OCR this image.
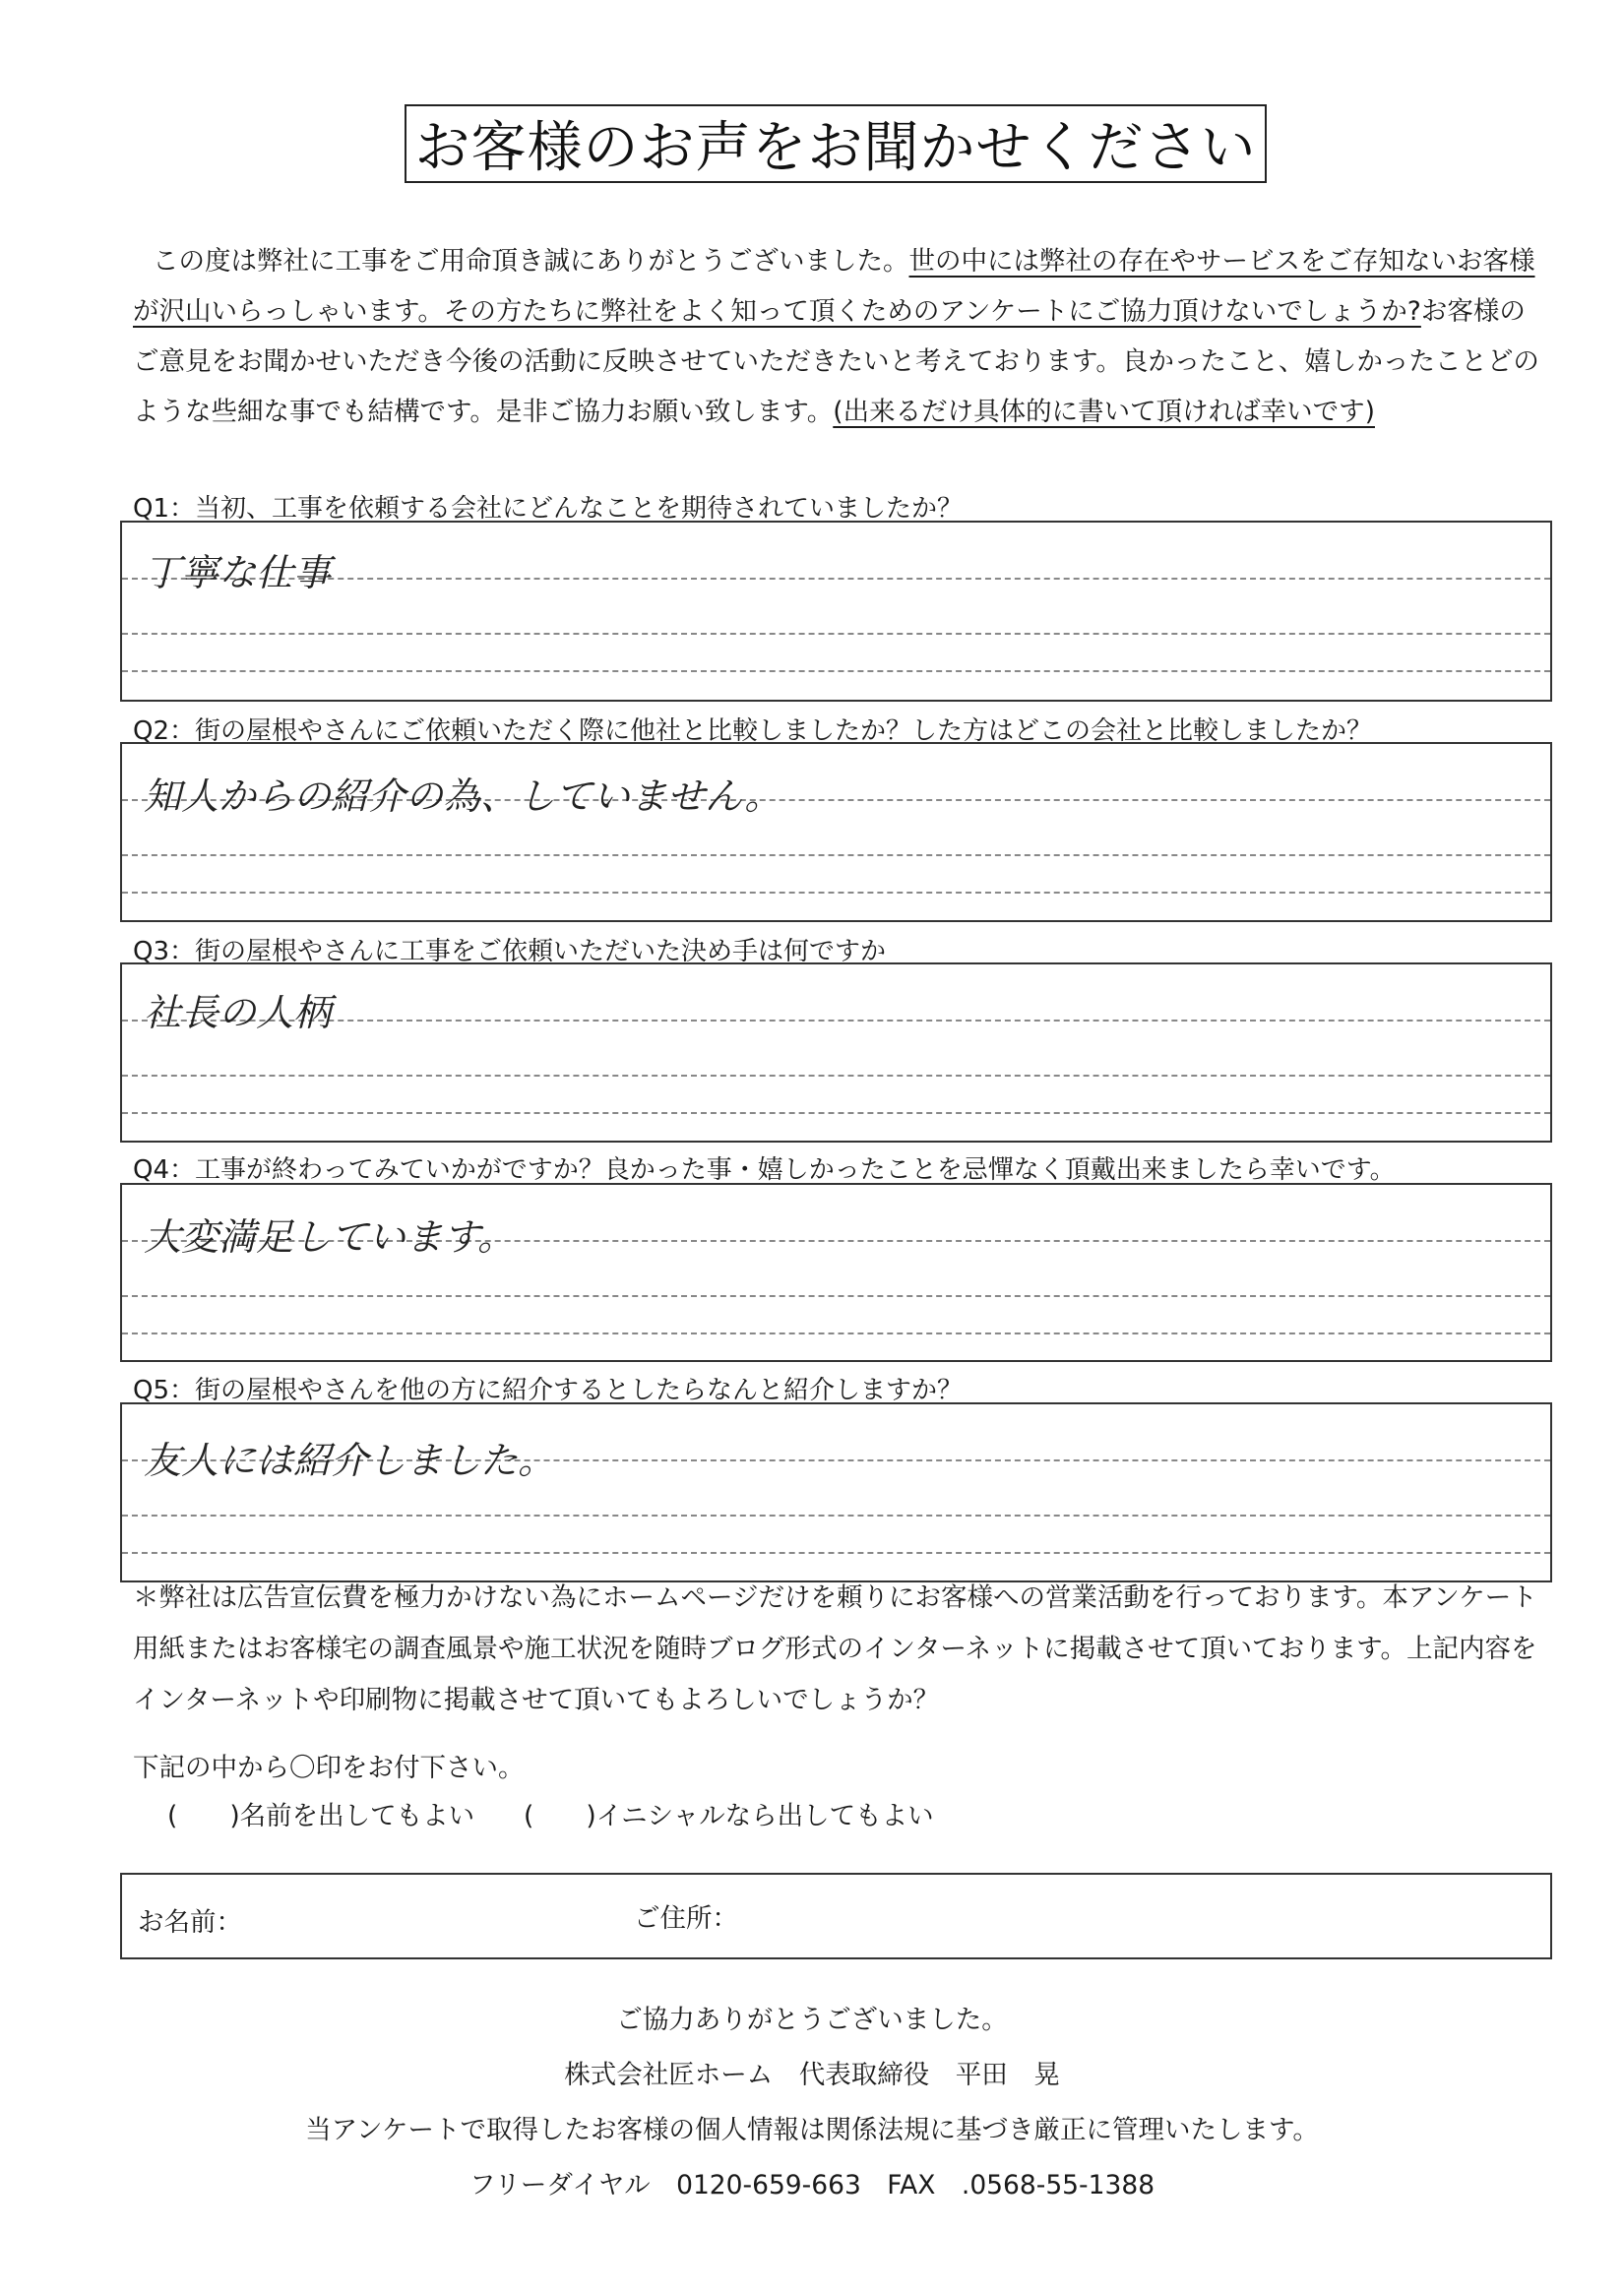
お客様のお声をお聞かせください
この度は弊社に工事をご用命頂き誠にありがとうございました。世の中には弊社の存在やサービスをご存知ないお客様が沢山いらっしゃいます。その方たちに弊社をよく知って頂くためのアンケートにご協力頂けないでしょうか?お客様のご意見をお聞かせいただき今後の活動に反映させていただきたいと考えております。良かったこと、嬉しかったことどのような些細な事でも結構です。是非ご協力お願い致します。(出来るだけ具体的に書いて頂ければ幸いです)
Q1：当初、工事を依頼する会社にどんなことを期待されていましたか？
丁寧な仕事
Q2：街の屋根やさんにご依頼いただく際に他社と比較しましたか？した方はどこの会社と比較しましたか？
知人からの紹介の為、していません。
Q3：街の屋根やさんに工事をご依頼いただいた決め手は何ですか
社長の人柄
Q4：工事が終わってみていかがですか？良かった事・嬉しかったことを忌憚なく頂戴出来ましたら幸いです。
大変満足しています。
Q5：街の屋根やさんを他の方に紹介するとしたらなんと紹介しますか？
友人には紹介しました。
＊弊社は広告宣伝費を極力かけない為にホームページだけを頼りにお客様への営業活動を行っております。本アンケート用紙またはお客様宅の調査風景や施工状況を随時ブログ形式のインターネットに掲載させて頂いております。上記内容をインターネットや印刷物に掲載させて頂いてもよろしいでしょうか？
下記の中から〇印をお付下さい。
(　　)名前を出してもよい (　　)イニシャルなら出してもよい
お名前：	ご住所：
ご協力ありがとうございました。
株式会社匠ホーム　代表取締役　平田　晃
当アンケートで取得したお客様の個人情報は関係法規に基づき厳正に管理いたします。
フリーダイヤル　0120-659-663　FAX　.0568-55-1388
